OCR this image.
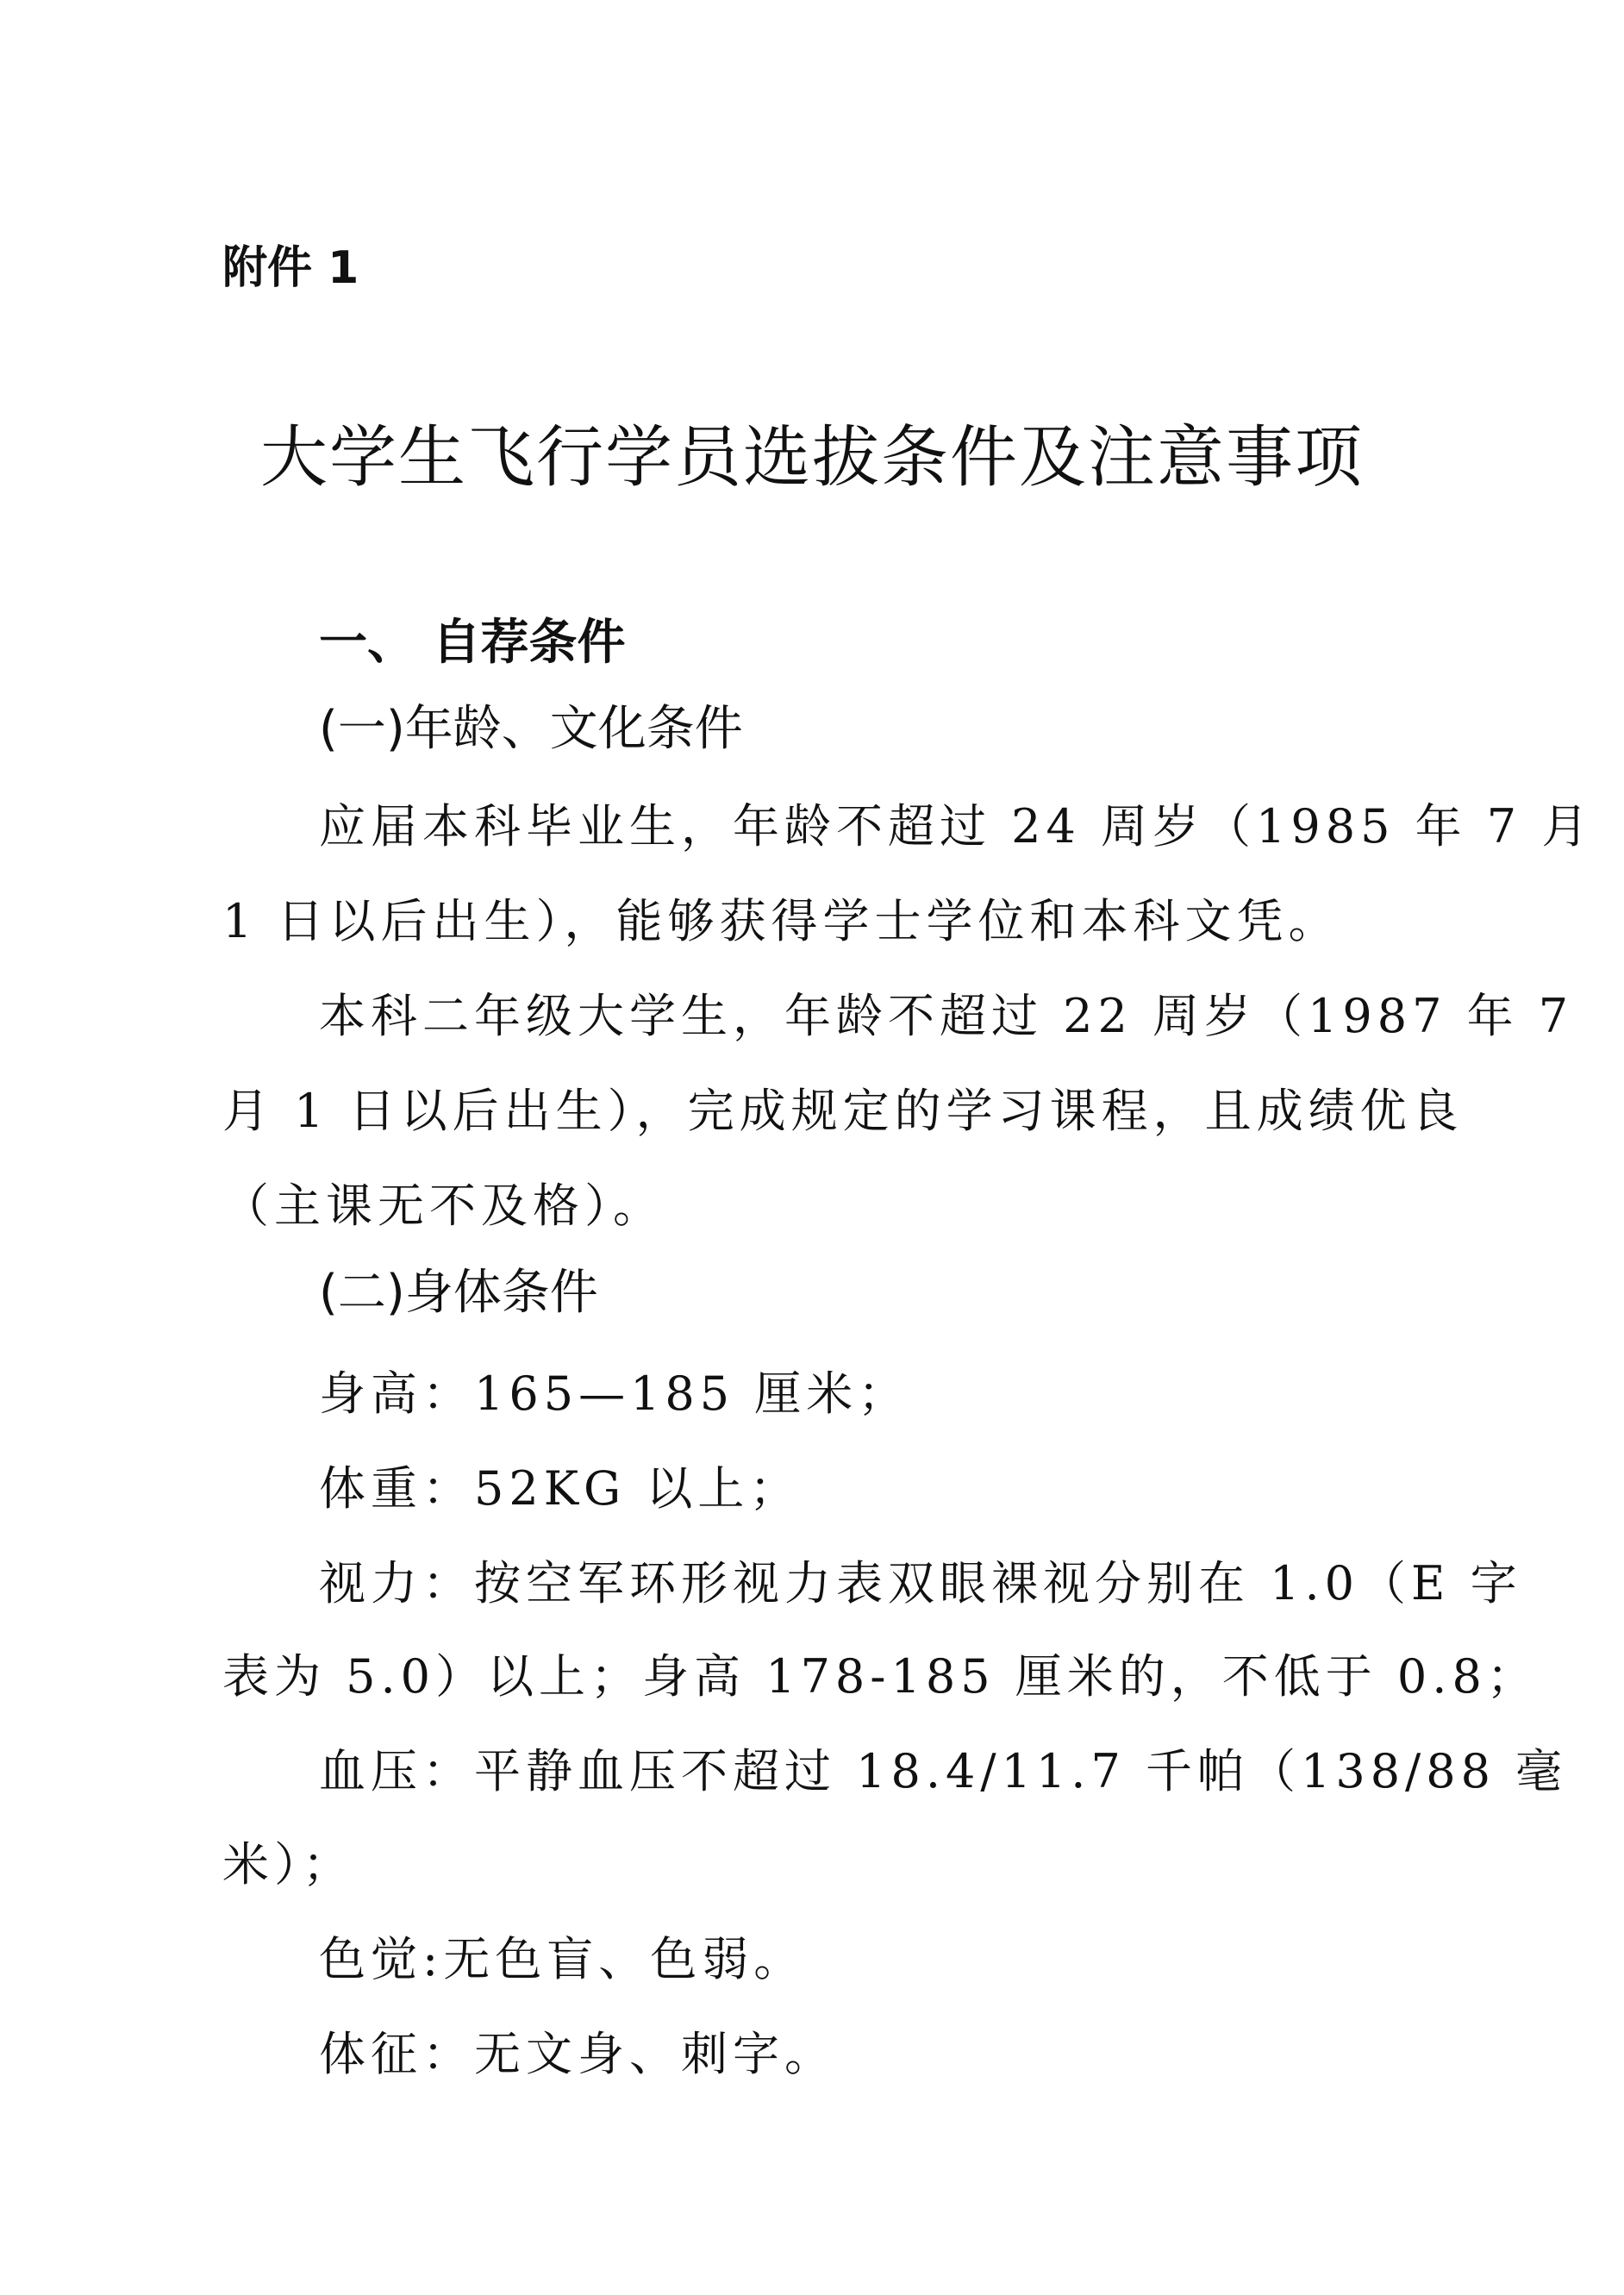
附件 1
大学生飞行学员选拔条件及注意事项
一、 自荐条件
(一)年龄、文化条件
应届本科毕业生，年龄不超过 24 周岁（1985 年 7 月
1 日以后出生），能够获得学士学位和本科文凭。
本科二年级大学生，年龄不超过 22 周岁（1987 年 7
月 1 日以后出生），完成规定的学习课程，且成绩优良
（主课无不及格）。
(二)身体条件
身高：165—185 厘米；
体重：52KG 以上；
视力：按空军环形视力表双眼裸视分别在 1.0（E 字
表为 5.0）以上；身高 178-185 厘米的，不低于 0.8；
血压：平静血压不超过 18.4/11.7 千帕（138/88 毫
米）；
色觉:无色盲、色弱。
体征：无文身、刺字。
